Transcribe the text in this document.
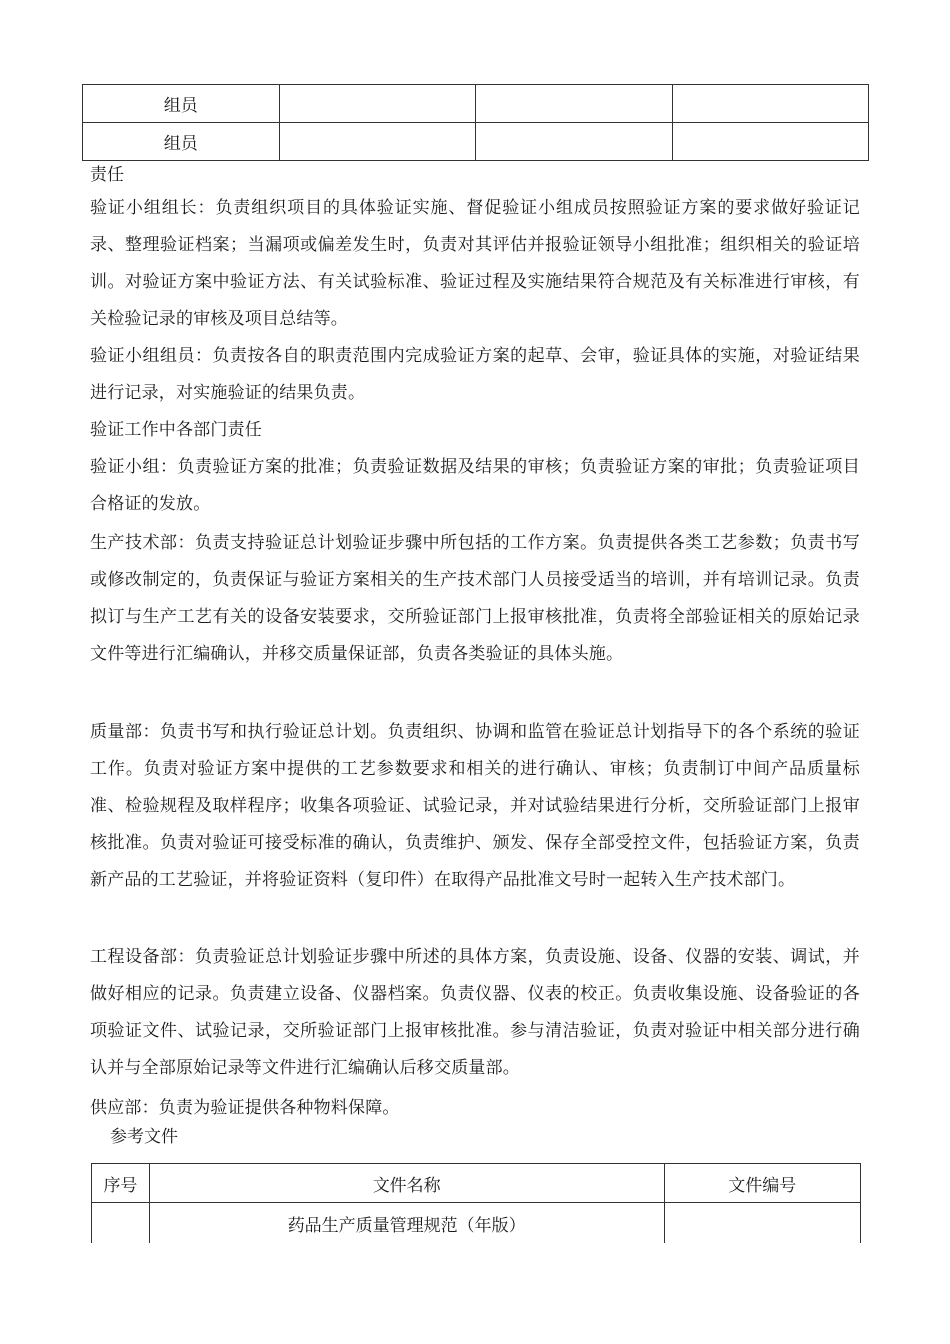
组员			
组员			
责任

验证小组组长：负责组织项目的具体验证实施、督促验证小组成员按照验证方案的要求做好验证记录、整理验证档案；当漏项或偏差发生时，负责对其评估并报验证领导小组批准；组织相关的验证培训。对验证方案中验证方法、有关试验标准、验证过程及实施结果符合规范及有关标准进行审核，有关检验记录的审核及项目总结等。

验证小组组员：负责按各自的职责范围内完成验证方案的起草、会审，验证具体的实施，对验证结果进行记录，对实施验证的结果负责。

验证工作中各部门责任

验证小组：负责验证方案的批准；负责验证数据及结果的审核；负责验证方案的审批；负责验证项目合格证的发放。

生产技术部：负责支持验证总计划验证步骤中所包括的工作方案。负责提供各类工艺参数；负责书写或修改制定的，负责保证与验证方案相关的生产技术部门人员接受适当的培训，并有培训记录。负责拟订与生产工艺有关的设备安装要求，交所验证部门上报审核批准，负责将全部验证相关的原始记录文件等进行汇编确认，并移交质量保证部，负责各类验证的具体头施。

质量部：负责书写和执行验证总计划。负责组织、协调和监管在验证总计划指导下的各个系统的验证工作。负责对验证方案中提供的工艺参数要求和相关的进行确认、审核；负责制订中间产品质量标准、检验规程及取样程序；收集各项验证、试验记录，并对试验结果进行分析，交所验证部门上报审核批准。负责对验证可接受标准的确认，负责维护、颁发、保存全部受控文件，包括验证方案，负责新产品的工艺验证，并将验证资料（复印件）在取得产品批准文号时一起转入生产技术部门。

工程设备部：负责验证总计划验证步骤中所述的具体方案，负责设施、设备、仪器的安装、调试，并做好相应的记录。负责建立设备、仪器档案。负责仪器、仪表的校正。负责收集设施、设备验证的各项验证文件、试验记录，交所验证部门上报审核批准。参与清洁验证，负责对验证中相关部分进行确认并与全部原始记录等文件进行汇编确认后移交质量部。

供应部：负责为验证提供各种物料保障。

参考文件
序号	文件名称	文件编号
	药品生产质量管理规范（年版）	
